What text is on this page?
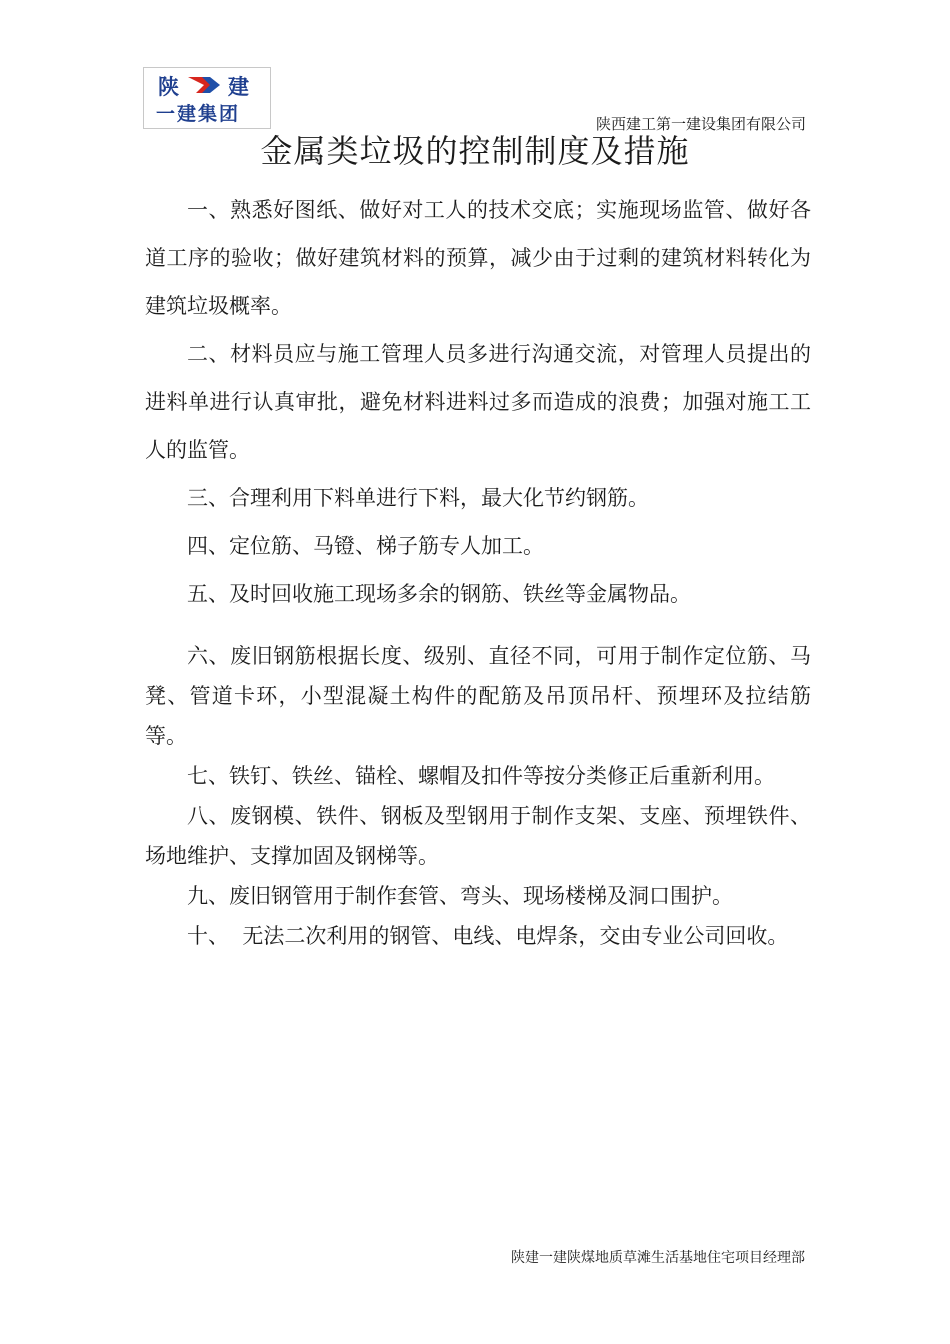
陕 建
一建集团	陕西建工第一建设集团有限公司
金属类垃圾的控制制度及措施

一、熟悉好图纸、做好对工人的技术交底；实施现场监管、做好各道工序的验收；做好建筑材料的预算，减少由于过剩的建筑材料转化为建筑垃圾概率。

二、材料员应与施工管理人员多进行沟通交流，对管理人员提出的进料单进行认真审批，避免材料进料过多而造成的浪费；加强对施工工人的监管。

三、合理利用下料单进行下料，最大化节约钢筋。

四、定位筋、马镫、梯子筋专人加工。

五、及时回收施工现场多余的钢筋、铁丝等金属物品。

六、废旧钢筋根据长度、级别、直径不同，可用于制作定位筋、马凳、管道卡环，小型混凝土构件的配筋及吊顶吊杆、预埋环及拉结筋等。

七、铁钉、铁丝、锚栓、螺帽及扣件等按分类修正后重新利用。

八、废钢模、铁件、钢板及型钢用于制作支架、支座、预埋铁件、场地维护、支撑加固及钢梯等。

九、废旧钢管用于制作套管、弯头、现场楼梯及洞口围护。

十、  无法二次利用的钢管、电线、电焊条，交由专业公司回收。

陕建一建陕煤地质草滩生活基地住宅项目经理部
